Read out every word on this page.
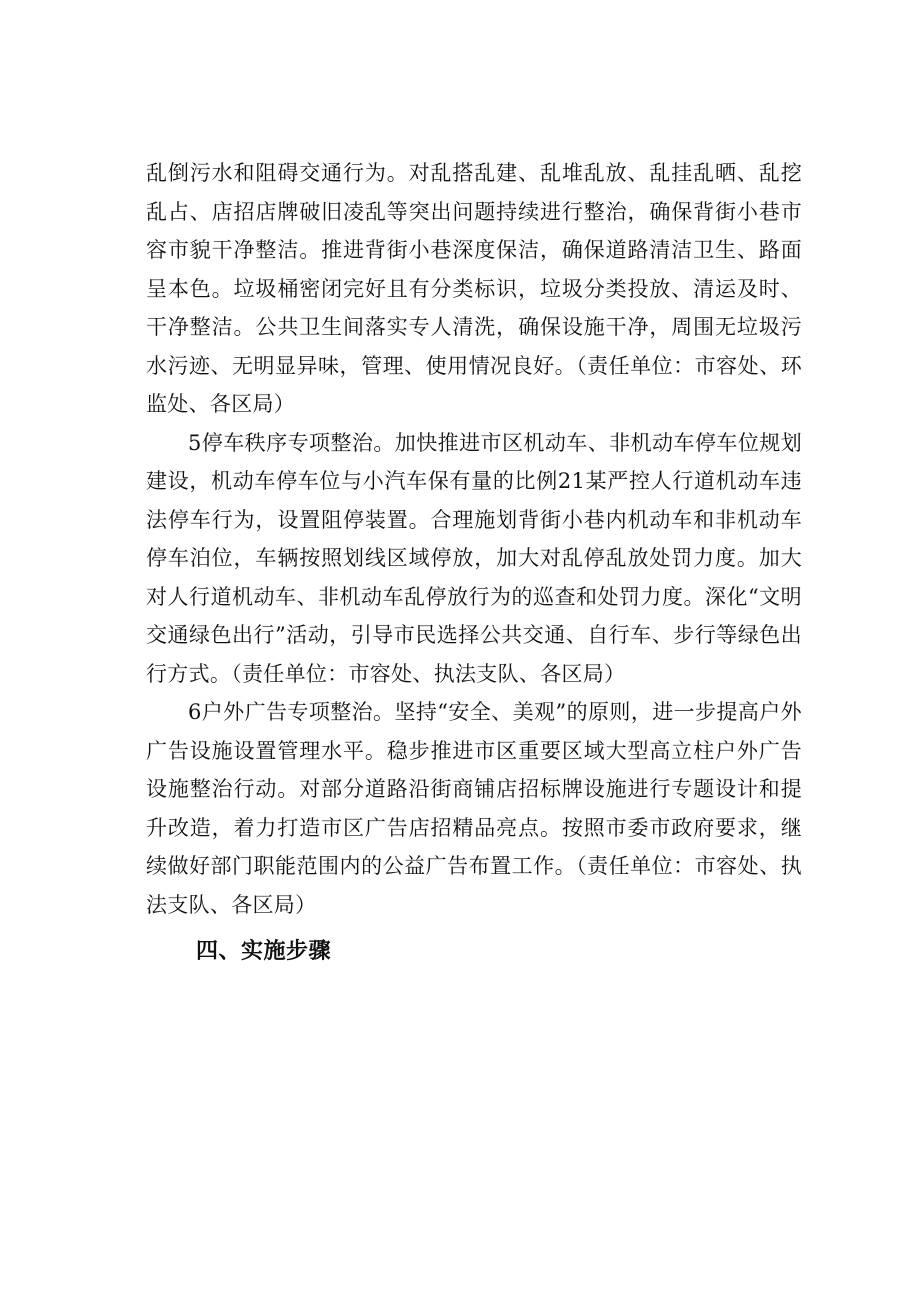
乱倒污水和阻碍交通行为。对乱搭乱建、乱堆乱放、乱挂乱晒、乱挖乱占、店招店牌破旧凌乱等突出问题持续进行整治，确保背街小巷市容市貌干净整洁。推进背街小巷深度保洁，确保道路清洁卫生、路面呈本色。垃圾桶密闭完好且有分类标识，垃圾分类投放、清运及时、干净整洁。公共卫生间落实专人清洗，确保设施干净，周围无垃圾污水污迹、无明显异味，管理、使用情况良好。（责任单位：市容处、环监处、各区局）

5停车秩序专项整治。加快推进市区机动车、非机动车停车位规划建设，机动车停车位与小汽车保有量的比例21某严控人行道机动车违法停车行为，设置阻停装置。合理施划背街小巷内机动车和非机动车停车泊位，车辆按照划线区域停放，加大对乱停乱放处罚力度。加大对人行道机动车、非机动车乱停放行为的巡查和处罚力度。深化“文明交通绿色出行”活动，引导市民选择公共交通、自行车、步行等绿色出行方式。（责任单位：市容处、执法支队、各区局）

6户外广告专项整治。坚持“安全、美观”的原则，进一步提高户外广告设施设置管理水平。稳步推进市区重要区域大型高立柱户外广告设施整治行动。对部分道路沿街商铺店招标牌设施进行专题设计和提升改造，着力打造市区广告店招精品亮点。按照市委市政府要求，继续做好部门职能范围内的公益广告布置工作。（责任单位：市容处、执法支队、各区局）

四、实施步骤
